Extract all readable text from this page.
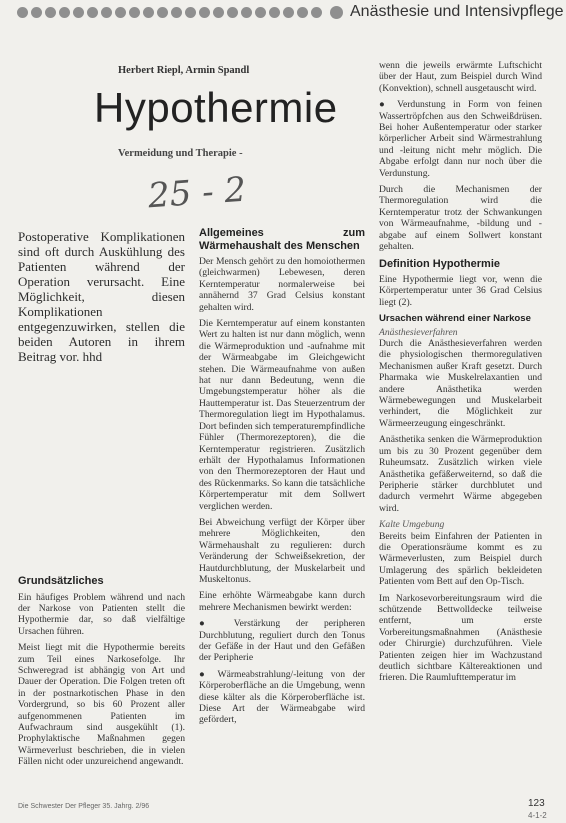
Anästhesie und Intensivpflege
Herbert Riepl, Armin Spandl
Hypothermie
Vermeidung und Therapie -
25 - 2

Postoperative Komplikationen sind oft durch Auskühlung des Patienten während der Operation verursacht. Eine Möglichkeit, diesen Komplikationen entgegenzuwirken, stellen die beiden Autoren in ihrem Beitrag vor. hhd

Grundsätzliches

Ein häufiges Problem während und nach der Narkose von Patienten stellt die Hypothermie dar, so daß vielfältige Ursachen führen.

Meist liegt mit die Hypothermie bereits zum Teil eines Narkosefolge. Ihr Schweregrad ist abhängig von Art und Dauer der Operation. Die Folgen treten oft in der postnarkotischen Phase in den Vordergrund, so bis 60 Prozent aller aufgenommenen Patienten im Aufwachraum sind ausgekühlt (1). Prophylaktische Maßnahmen gegen Wärmeverlust beschrieben, die in vielen Fällen nicht oder unzureichend angewandt.

Allgemeines zum Wärmehaushalt des Menschen

Der Mensch gehört zu den homoiothermen (gleichwarmen) Lebewesen, deren Kerntemperatur normalerweise bei annähernd 37 Grad Celsius konstant gehalten wird.

Die Kerntemperatur auf einem konstanten Wert zu halten ist nur dann möglich, wenn die Wärmeproduktion und -aufnahme mit der Wärmeabgabe im Gleichgewicht stehen. Die Wärmeaufnahme von außen hat nur dann Bedeutung, wenn die Umgebungstemperatur höher als die Hauttemperatur ist. Das Steuerzentrum der Thermoregulation liegt im Hypothalamus. Dort befinden sich temperaturempfindliche Fühler (Thermorezeptoren), die die Kerntemperatur registrieren. Zusätzlich erhält der Hypothalamus Informationen von den Thermorezeptoren der Haut und des Rückenmarks. So kann die tatsächliche Körpertemperatur mit dem Sollwert verglichen werden.

Bei Abweichung verfügt der Körper über mehrere Möglichkeiten, den Wärmehaushalt zu regulieren: durch Veränderung der Schweißsekretion, der Hautdurchblutung, der Muskelarbeit und Muskeltonus.

Eine erhöhte Wärmeabgabe kann durch mehrere Mechanismen bewirkt werden:

● Verstärkung der peripheren Durchblutung, reguliert durch den Tonus der Gefäße in der Haut und den Gefäßen der Peripherie

● Wärmeabstrahlung/-leitung von der Körperoberfläche an die Umgebung, wenn diese kälter als die Körperoberfläche ist. Diese Art der Wärmeabgabe wird gefördert,

wenn die jeweils erwärmte Luftschicht über der Haut, zum Beispiel durch Wind (Konvektion), schnell ausgetauscht wird.

● Verdunstung in Form von feinen Wassertröpfchen aus den Schweißdrüsen. Bei hoher Außentemperatur oder starker körperlicher Arbeit sind Wärmestrahlung und -leitung nicht mehr möglich. Die Abgabe erfolgt dann nur noch über die Verdunstung.

Durch die Mechanismen der Thermoregulation wird die Kerntemperatur trotz der Schwankungen von Wärmeaufnahme, -bildung und -abgabe auf einem Sollwert konstant gehalten.

Definition Hypothermie

Eine Hypothermie liegt vor, wenn die Körpertemperatur unter 36 Grad Celsius liegt (2).

Ursachen während einer Narkose
Anästhesieverfahren

Durch die Anästhesieverfahren werden die physiologischen thermoregulativen Mechanismen außer Kraft gesetzt. Durch Pharmaka wie Muskelrelaxantien und andere Anästhetika werden Wärmebewegungen und Muskelarbeit verhindert, die Möglichkeit zur Wärmeerzeugung eingeschränkt.

Anästhetika senken die Wärmeproduktion um bis zu 30 Prozent gegenüber dem Ruheumsatz. Zusätzlich wirken viele Anästhetika gefäßerweiternd, so daß die Peripherie stärker durchblutet und dadurch vermehrt Wärme abgegeben wird.

Kalte Umgebung

Bereits beim Einfahren der Patienten in die Operationsräume kommt es zu Wärmeverlusten, zum Beispiel durch Umlagerung des spärlich bekleideten Patienten vom Bett auf den Op-Tisch.

Im Narkosevorbereitungsraum wird die schützende Bettwolldecke teilweise entfernt, um erste Vorbereitungsmaßnahmen (Anästhesie oder Chirurgie) durchzuführen. Viele Patienten zeigen hier im Wachzustand deutlich sichtbare Kältereaktionen und frieren. Die Raumlufttemperatur im

Die Schwester Der Pfleger 35. Jahrg. 2/96	123
4-1-2
